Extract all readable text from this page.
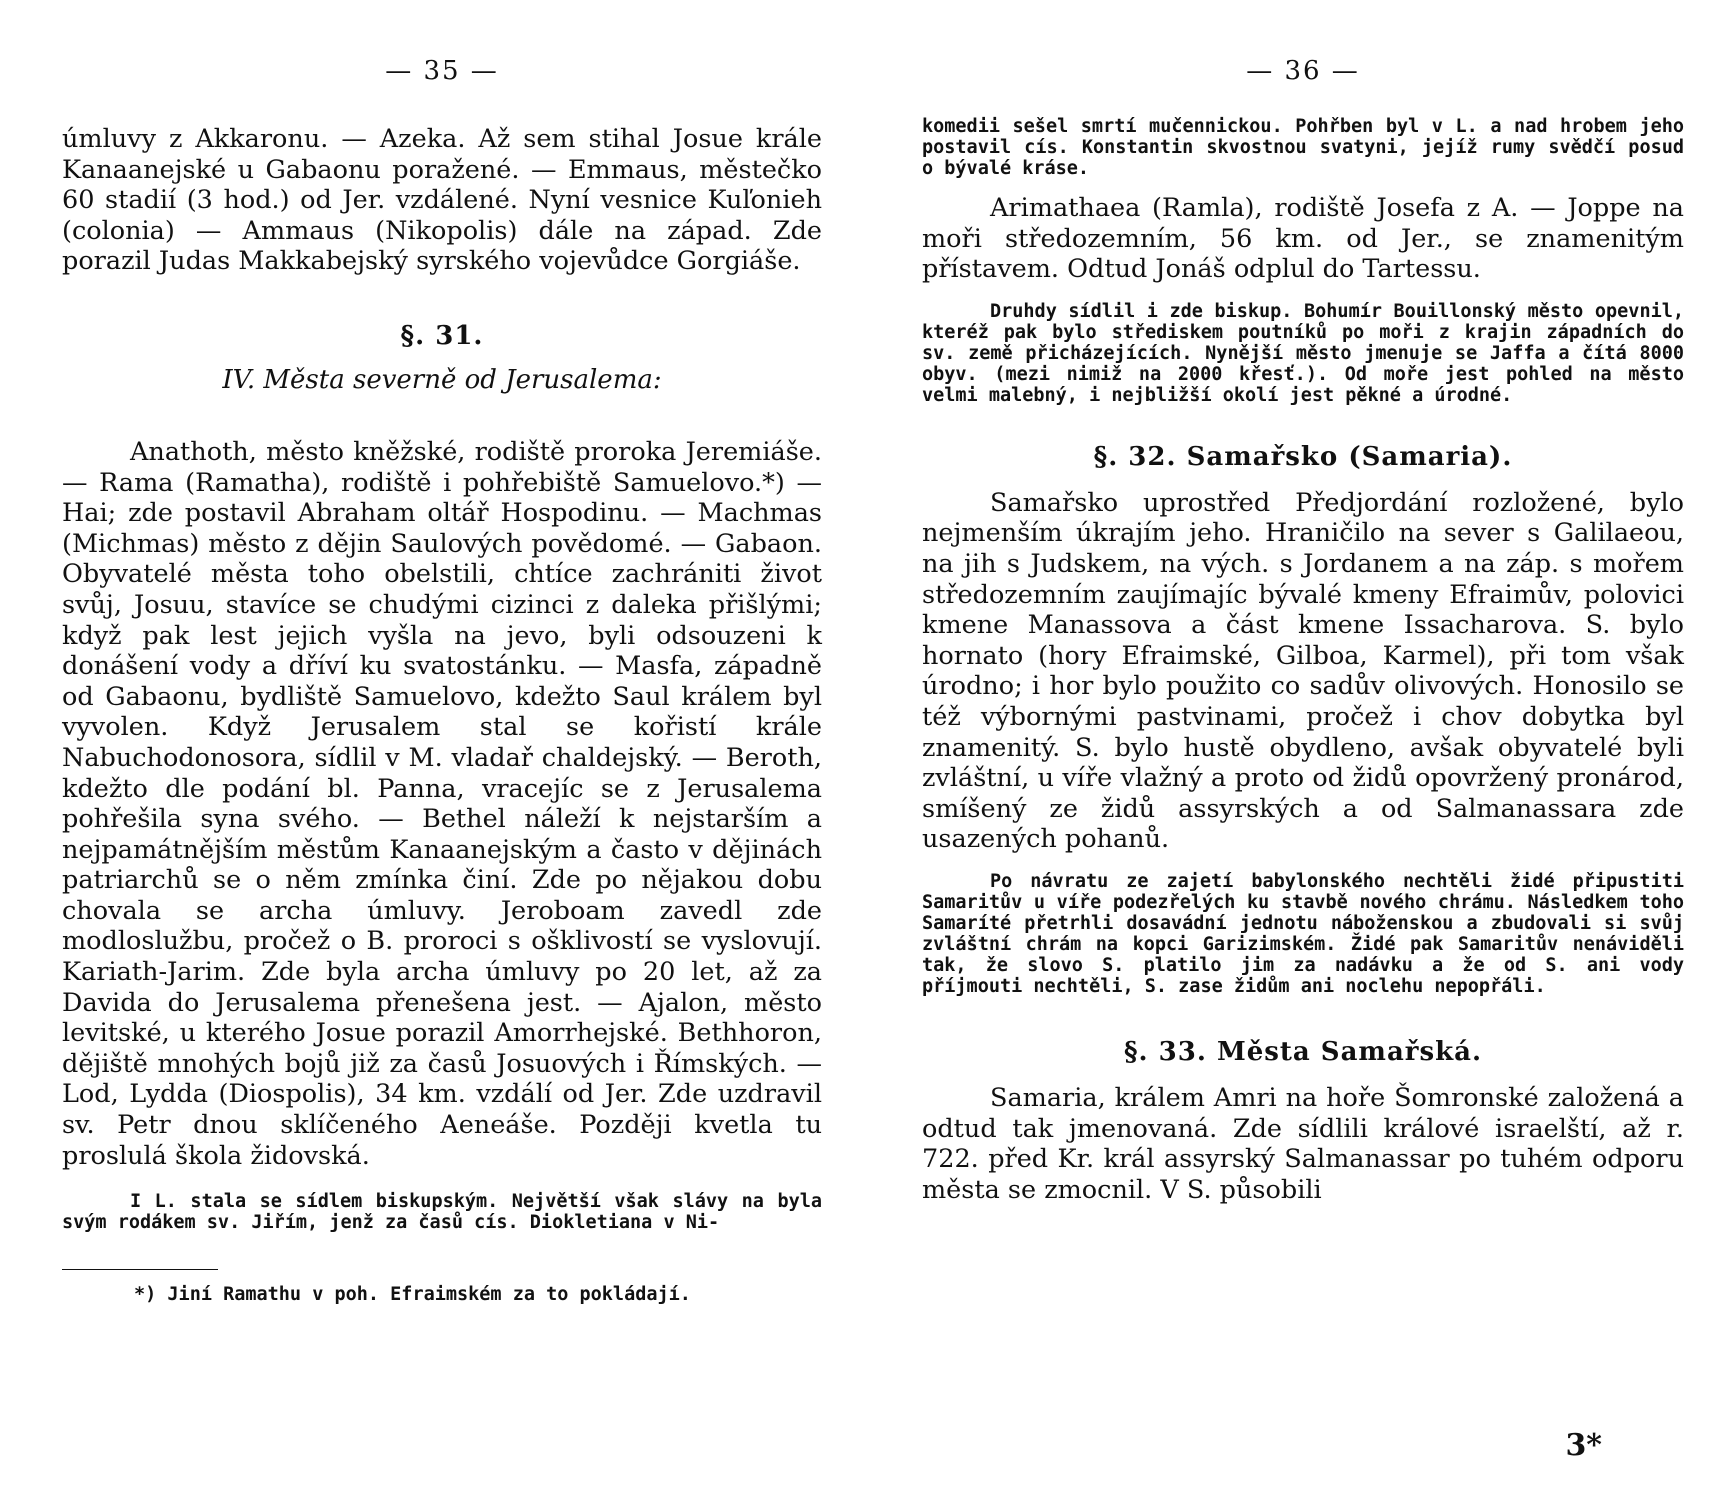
— 35 —

úmluvy z Akkaronu. — Azeka. Až sem stihal Josue krále Kanaanejské u Gabaonu poražené. — Emmaus, městečko 60 stadií (3 hod.) od Jer. vzdálené. Nyní vesnice Kuľonieh (colonia) — Ammaus (Nikopolis) dále na západ. Zde porazil Judas Makkabejský syrského vojevůdce Gorgiáše.

§. 31.

IV. Města severně od Jerusalema:

Anathoth, město kněžské, rodiště proroka Jeremiáše. — Rama (Ramatha), rodiště i pohřebiště Samuelovo.*) — Hai; zde postavil Abraham oltář Hospodinu. — Machmas (Michmas) město z dějin Saulových povědomé. — Gabaon. Obyvatelé města toho obelstili, chtíce zachrániti život svůj, Josuu, stavíce se chudými cizinci z daleka přišlými; když pak lest jejich vyšla na jevo, byli odsouzeni k donášení vody a dříví ku svatostánku. — Masfa, západně od Gabaonu, bydliště Samuelovo, kdežto Saul králem byl vyvolen. Když Jerusalem stal se kořistí krále Nabuchodonosora, sídlil v M. vladař chaldejský. — Beroth, kdežto dle podání bl. Panna, vracejíc se z Jerusalema pohřešila syna svého. — Bethel náleží k nejstarším a nejpamátnějším městům Kanaanejským a často v dějinách patriarchů se o něm zmínka činí. Zde po nějakou dobu chovala se archa úmluvy. Jeroboam zavedl zde modloslužbu, pročež o B. proroci s ošklivostí se vyslovují. Kariath-Jarim. Zde byla archa úmluvy po 20 let, až za Davida do Jerusalema přenešena jest. — Ajalon, město levitské, u kterého Josue porazil Amorrhejské. Bethhoron, dějiště mnohých bojů již za časů Josuových i Římských. — Lod, Lydda (Diospolis), 34 km. vzdálí od Jer. Zde uzdravil sv. Petr dnou sklíčeného Aeneáše. Později kvetla tu proslulá škola židovská.

I L. stala se sídlem biskupským. Největší však slávy na byla svým rodákem sv. Jiřím, jenž za časů cís. Diokletiana v Ni-

*) Jiní Ramathu v poh. Efraimském za to pokládají.

3*
— 36 —

komedii sešel smrtí mučennickou. Pohřben byl v L. a nad hrobem jeho postavil cís. Konstantin skvostnou svatyni, jejíž rumy svědčí posud o bývalé kráse.

Arimathaea (Ramla), rodiště Josefa z A. — Joppe na moři středozemním, 56 km. od Jer., se znamenitým přístavem. Odtud Jonáš odplul do Tartessu.

Druhdy sídlil i zde biskup. Bohumír Bouillonský město opevnil, kteréž pak bylo střediskem poutníků po moři z krajin západních do sv. země přicházejících. Nynější město jmenuje se Jaffa a čítá 8000 obyv. (mezi nimiž na 2000 křesť.). Od moře jest pohled na město velmi malebný, i nejbližší okolí jest pěkné a úrodné.

§. 32. Samařsko (Samaria).

Samařsko uprostřed Předjordání rozložené, bylo nejmenším úkrajím jeho. Hraničilo na sever s Galilaeou, na jih s Judskem, na vých. s Jordanem a na záp. s mořem středozemním zaujímajíc bývalé kmeny Efraimův, polovici kmene Manassova a část kmene Issacharova. S. bylo hornato (hory Efraimské, Gilboa, Karmel), při tom však úrodno; i hor bylo použito co sadův olivových. Honosilo se též výbornými pastvinami, pročež i chov dobytka byl znamenitý. S. bylo hustě obydleno, avšak obyvatelé byli zvláštní, u víře vlažný a proto od židů opovržený pronárod, smíšený ze židů assyrských a od Salmanassara zde usazených pohanů.

Po návratu ze zajetí babylonského nechtěli židé připustiti Samaritův u víře podezřelých ku stavbě nového chrámu. Následkem toho Samaríté přetrhli dosavádní jednotu náboženskou a zbudovali si svůj zvláštní chrám na kopci Garizimském. Židé pak Samaritův nenáviděli tak, že slovo S. platilo jim za nadávku a že od S. ani vody příjmouti nechtěli, S. zase židům ani noclehu nepopřáli.

§. 33. Města Samařská.

Samaria, králem Amri na hoře Šomronské založená a odtud tak jmenovaná. Zde sídlili králové israelští, až r. 722. před Kr. král assyrský Salmanassar po tuhém odporu města se zmocnil. V S. působili
